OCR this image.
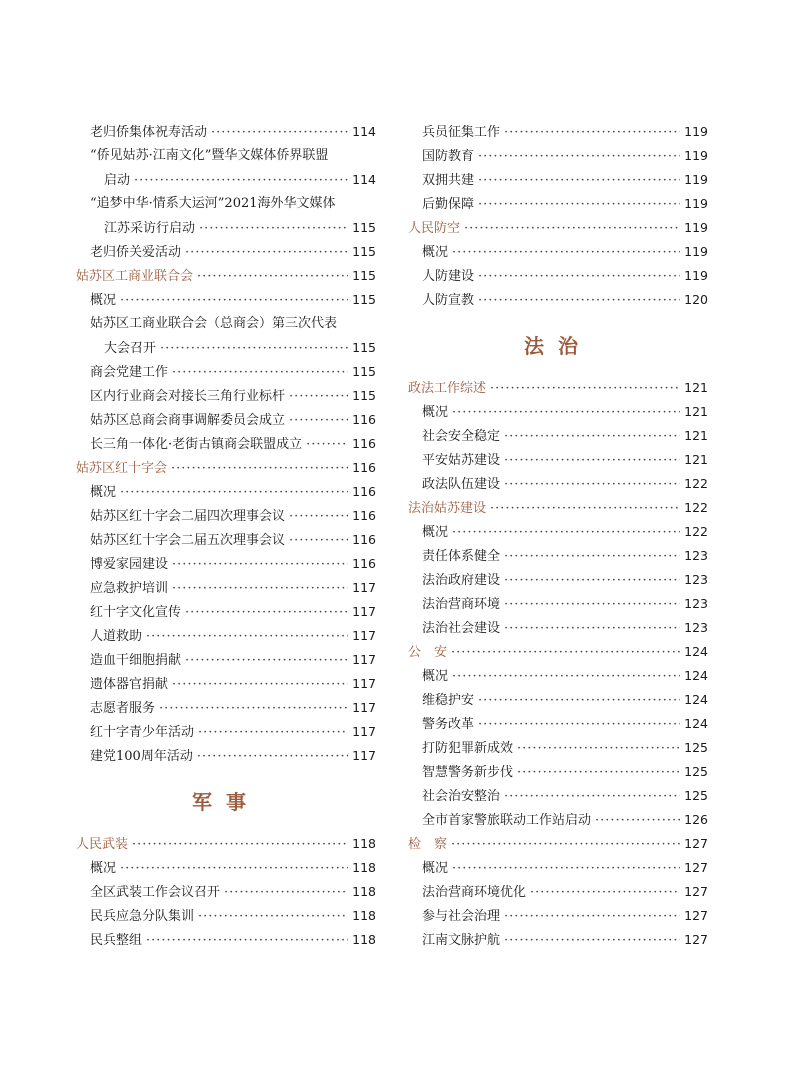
老归侨集体祝寿活动 ·····	114
“侨见姑苏·江南文化”暨华文媒体侨界联盟
启动 ·····	114
“追梦中华·情系大运河”2021海外华文媒体
江苏采访行启动 ·····	115
老归侨关爱活动 ·····	115
姑苏区工商业联合会 ·····	115
概况 ·····	115
姑苏区工商业联合会（总商会）第三次代表
大会召开 ·····	115
商会党建工作 ·····	115
区内行业商会对接长三角行业标杆 ·····	115
姑苏区总商会商事调解委员会成立 ·····	116
长三角一体化·老街古镇商会联盟成立 ·····	116
姑苏区红十字会 ·····	116
概况 ·····	116
姑苏区红十字会二届四次理事会议 ·····	116
姑苏区红十字会二届五次理事会议 ·····	116
博爱家园建设 ·····	116
应急救护培训 ·····	117
红十字文化宣传 ·····	117
人道救助 ·····	117
造血干细胞捐献 ·····	117
遗体器官捐献 ·····	117
志愿者服务 ·····	117
红十字青少年活动 ·····	117
建党100周年活动 ·····	117
军事
人民武装 ·····	118
概况 ·····	118
全区武装工作会议召开 ·····	118
民兵应急分队集训 ·····	118
民兵整组 ·····	118
兵员征集工作 ·····	119
国防教育 ·····	119
双拥共建 ·····	119
后勤保障 ·····	119
人民防空 ·····	119
概况 ·····	119
人防建设 ·····	119
人防宣教 ·····	120
法治
政法工作综述 ·····	121
概况 ·····	121
社会安全稳定 ·····	121
平安姑苏建设 ·····	121
政法队伍建设 ·····	122
法治姑苏建设 ·····	122
概况 ·····	122
责任体系健全 ·····	123
法治政府建设 ·····	123
法治营商环境 ·····	123
法治社会建设 ·····	123
公　安 ·····	124
概况 ·····	124
维稳护安 ·····	124
警务改革 ·····	124
打防犯罪新成效 ·····	125
智慧警务新步伐 ·····	125
社会治安整治 ·····	125
全市首家警旅联动工作站启动 ·····	126
检　察 ·····	127
概况 ·····	127
法治营商环境优化 ·····	127
参与社会治理 ·····	127
江南文脉护航 ·····	127
